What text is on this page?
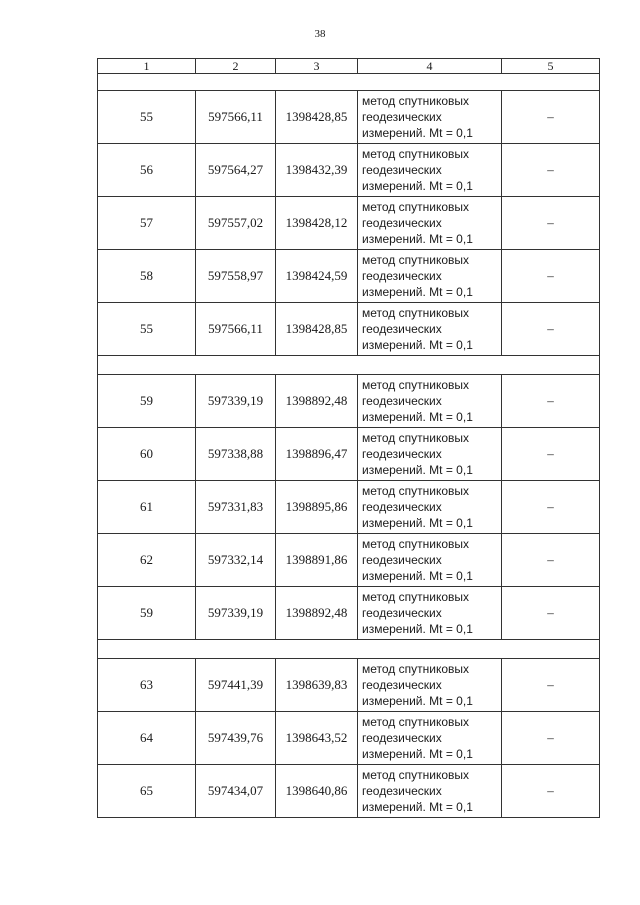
38
1	2	3	4	5

55	597566,11	1398428,85	метод спутниковых
геодезических
измерений. Mt = 0,1	–
56	597564,27	1398432,39	метод спутниковых
геодезических
измерений. Mt = 0,1	–
57	597557,02	1398428,12	метод спутниковых
геодезических
измерений. Mt = 0,1	–
58	597558,97	1398424,59	метод спутниковых
геодезических
измерений. Mt = 0,1	–
55	597566,11	1398428,85	метод спутниковых
геодезических
измерений. Mt = 0,1	–

59	597339,19	1398892,48	метод спутниковых
геодезических
измерений. Mt = 0,1	–
60	597338,88	1398896,47	метод спутниковых
геодезических
измерений. Mt = 0,1	–
61	597331,83	1398895,86	метод спутниковых
геодезических
измерений. Mt = 0,1	–
62	597332,14	1398891,86	метод спутниковых
геодезических
измерений. Mt = 0,1	–
59	597339,19	1398892,48	метод спутниковых
геодезических
измерений. Mt = 0,1	–

63	597441,39	1398639,83	метод спутниковых
геодезических
измерений. Mt = 0,1	–
64	597439,76	1398643,52	метод спутниковых
геодезических
измерений. Mt = 0,1	–
65	597434,07	1398640,86	метод спутниковых
геодезических
измерений. Mt = 0,1	–
